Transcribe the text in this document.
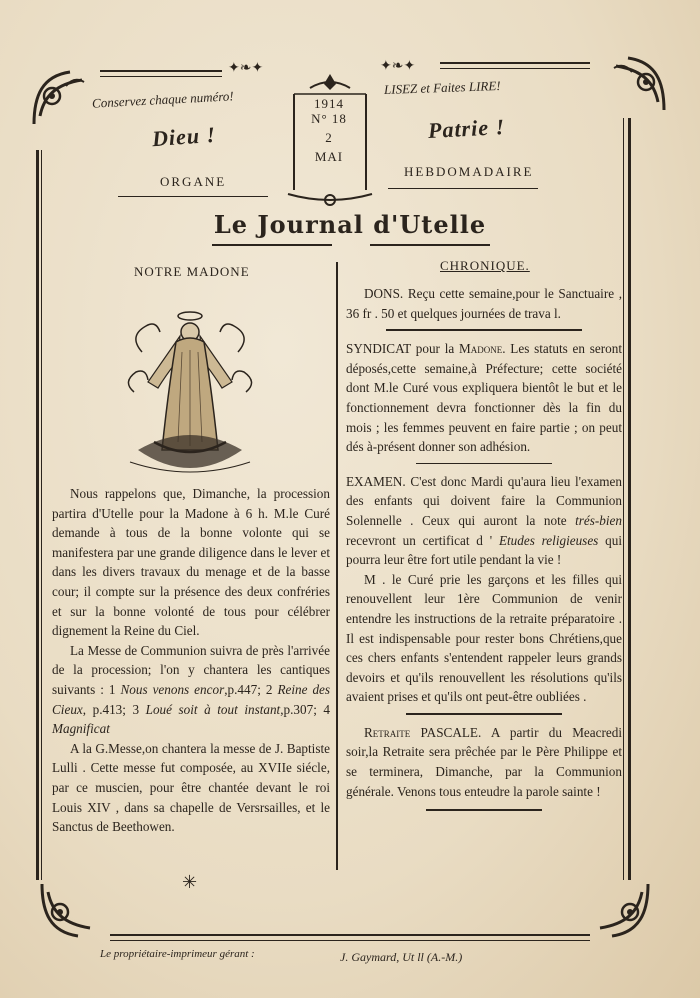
✦❧✦	✦❧✦
Conservez chaque numéro!
LISEZ et Faites LIRE!
Dieu !	Patrie !
ORGANE
HEBDOMADAIRE
1914
N° 18
2
MAI
Le Journal d'Utelle
NOTRE MADONE

Nous rappelons que, Dimanche, la procession partira d'Utelle pour la Madone à 6 h. M.le Curé demande à tous de la bonne volonte qui se manifestera par une grande diligence dans le lever et dans les divers travaux du menage et de la basse cour; il compte sur la présence des deux confréries et sur la bonne volonté de tous pour célébrer dignement la Reine du Ciel.

La Messe de Communion suivra de près l'arrivée de la procession; l'on y chantera les cantiques suivants : 1 Nous venons encor,p.447; 2 Reine des Cieux, p.413; 3 Loué soit à tout instant,p.307; 4 Magnificat

A la G.Messe,on chantera la messe de J. Baptiste Lulli . Cette messe fut composée, au XVIIe siécle, par ce muscien, pour être chantée devant le roi Louis XIV , dans sa chapelle de Versrsailles, et le Sanctus de Beethowen.

✳
CHRONIQUE.

DONS. Reçu cette semaine,pour le Sanctuaire , 36 fr . 50 et quelques journées de trava l.

SYNDICAT pour la Madone. Les statuts en seront déposés,cette semaine,à Préfecture; cette société dont M.le Curé vous expliquera bientôt le but et le fonctionnement devra fonctionner dès la fin du mois ; les femmes peuvent en faire partie ; on peut dés à-présent donner son adhésion.

EXAMEN. C'est donc Mardi qu'aura lieu l'examen des enfants qui doivent faire la Communion Solennelle . Ceux qui auront la note trés-bien recevront un certificat d ' Etudes religieuses qui pourra leur être fort utile pendant la vie !

M . le Curé prie les garçons et les filles qui renouvellent leur 1ère Communion de venir entendre les instructions de la retraite préparatoire . Il est indispensable pour rester bons Chrétiens,que ces chers enfants s'entendent rappeler leurs grands devoirs et qu'ils renouvellent les résolutions qu'ils avaient prises et qu'ils ont peut-être oubliées .

Retraite PASCALE. A partir du Meacredi soir,la Retraite sera prêchée par le Père Philippe et se terminera, Dimanche, par la Communion générale. Venons tous enteudre la parole sainte !

Le propriétaire-imprimeur gérant :	J. Gaymard, Ut ll (A.-M.)
